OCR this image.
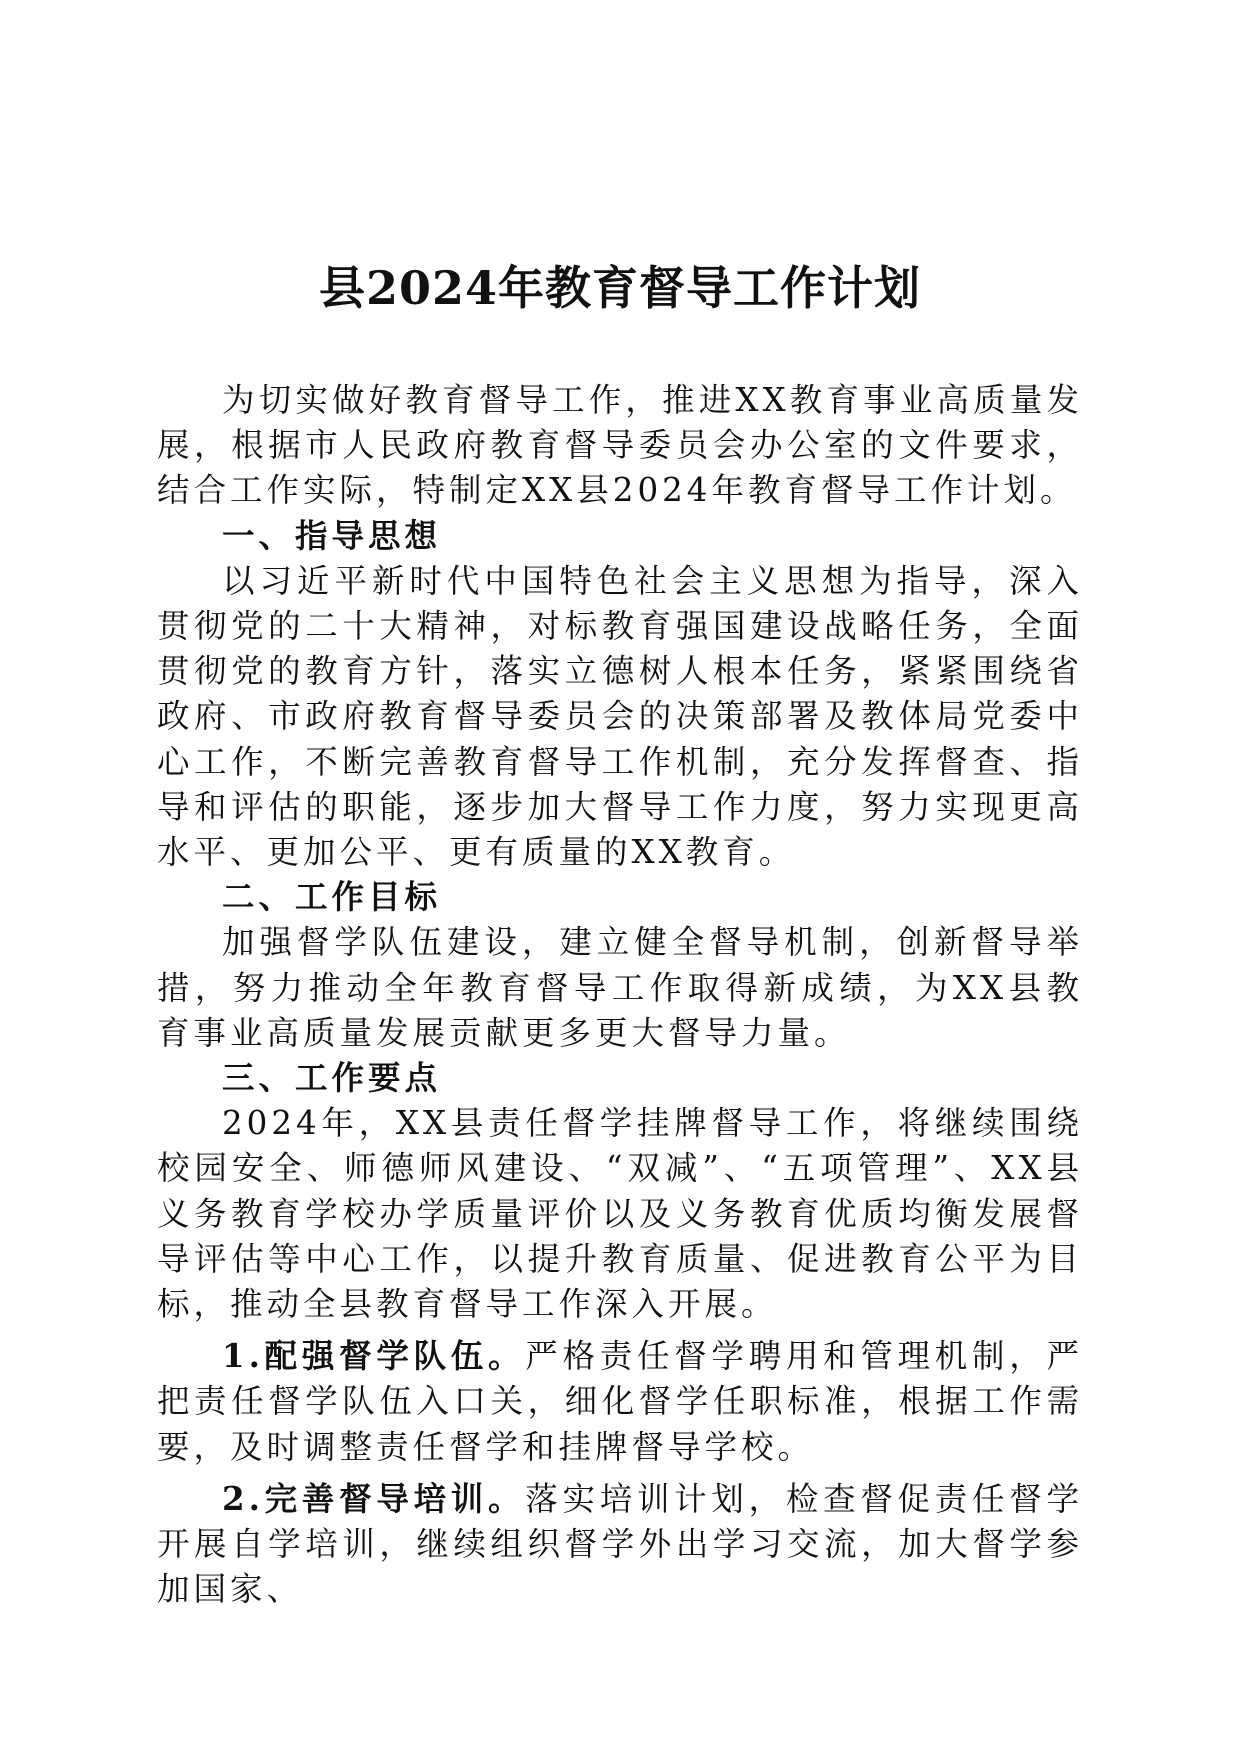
县2024年教育督导工作计划

为切实做好教育督导工作，推进XX教育事业高质量发展，根据市人民政府教育督导委员会办公室的文件要求，结合工作实际，特制定XX县2024年教育督导工作计划。

一、指导思想

以习近平新时代中国特色社会主义思想为指导，深入贯彻党的二十大精神，对标教育强国建设战略任务，全面贯彻党的教育方针，落实立德树人根本任务，紧紧围绕省政府、市政府教育督导委员会的决策部署及教体局党委中心工作，不断完善教育督导工作机制，充分发挥督查、指导和评估的职能，逐步加大督导工作力度，努力实现更高水平、更加公平、更有质量的XX教育。

二、工作目标

加强督学队伍建设，建立健全督导机制，创新督导举措，努力推动全年教育督导工作取得新成绩，为XX县教育事业高质量发展贡献更多更大督导力量。

三、工作要点

2024年，XX县责任督学挂牌督导工作，将继续围绕校园安全、师德师风建设、“双减”、“五项管理”、XX县义务教育学校办学质量评价以及义务教育优质均衡发展督导评估等中心工作，以提升教育质量、促进教育公平为目标，推动全县教育督导工作深入开展。

1.配强督学队伍。严格责任督学聘用和管理机制，严把责任督学队伍入口关，细化督学任职标准，根据工作需要，及时调整责任督学和挂牌督导学校。

2.完善督导培训。落实培训计划，检查督促责任督学开展自学培训，继续组织督学外出学习交流，加大督学参加国家、
